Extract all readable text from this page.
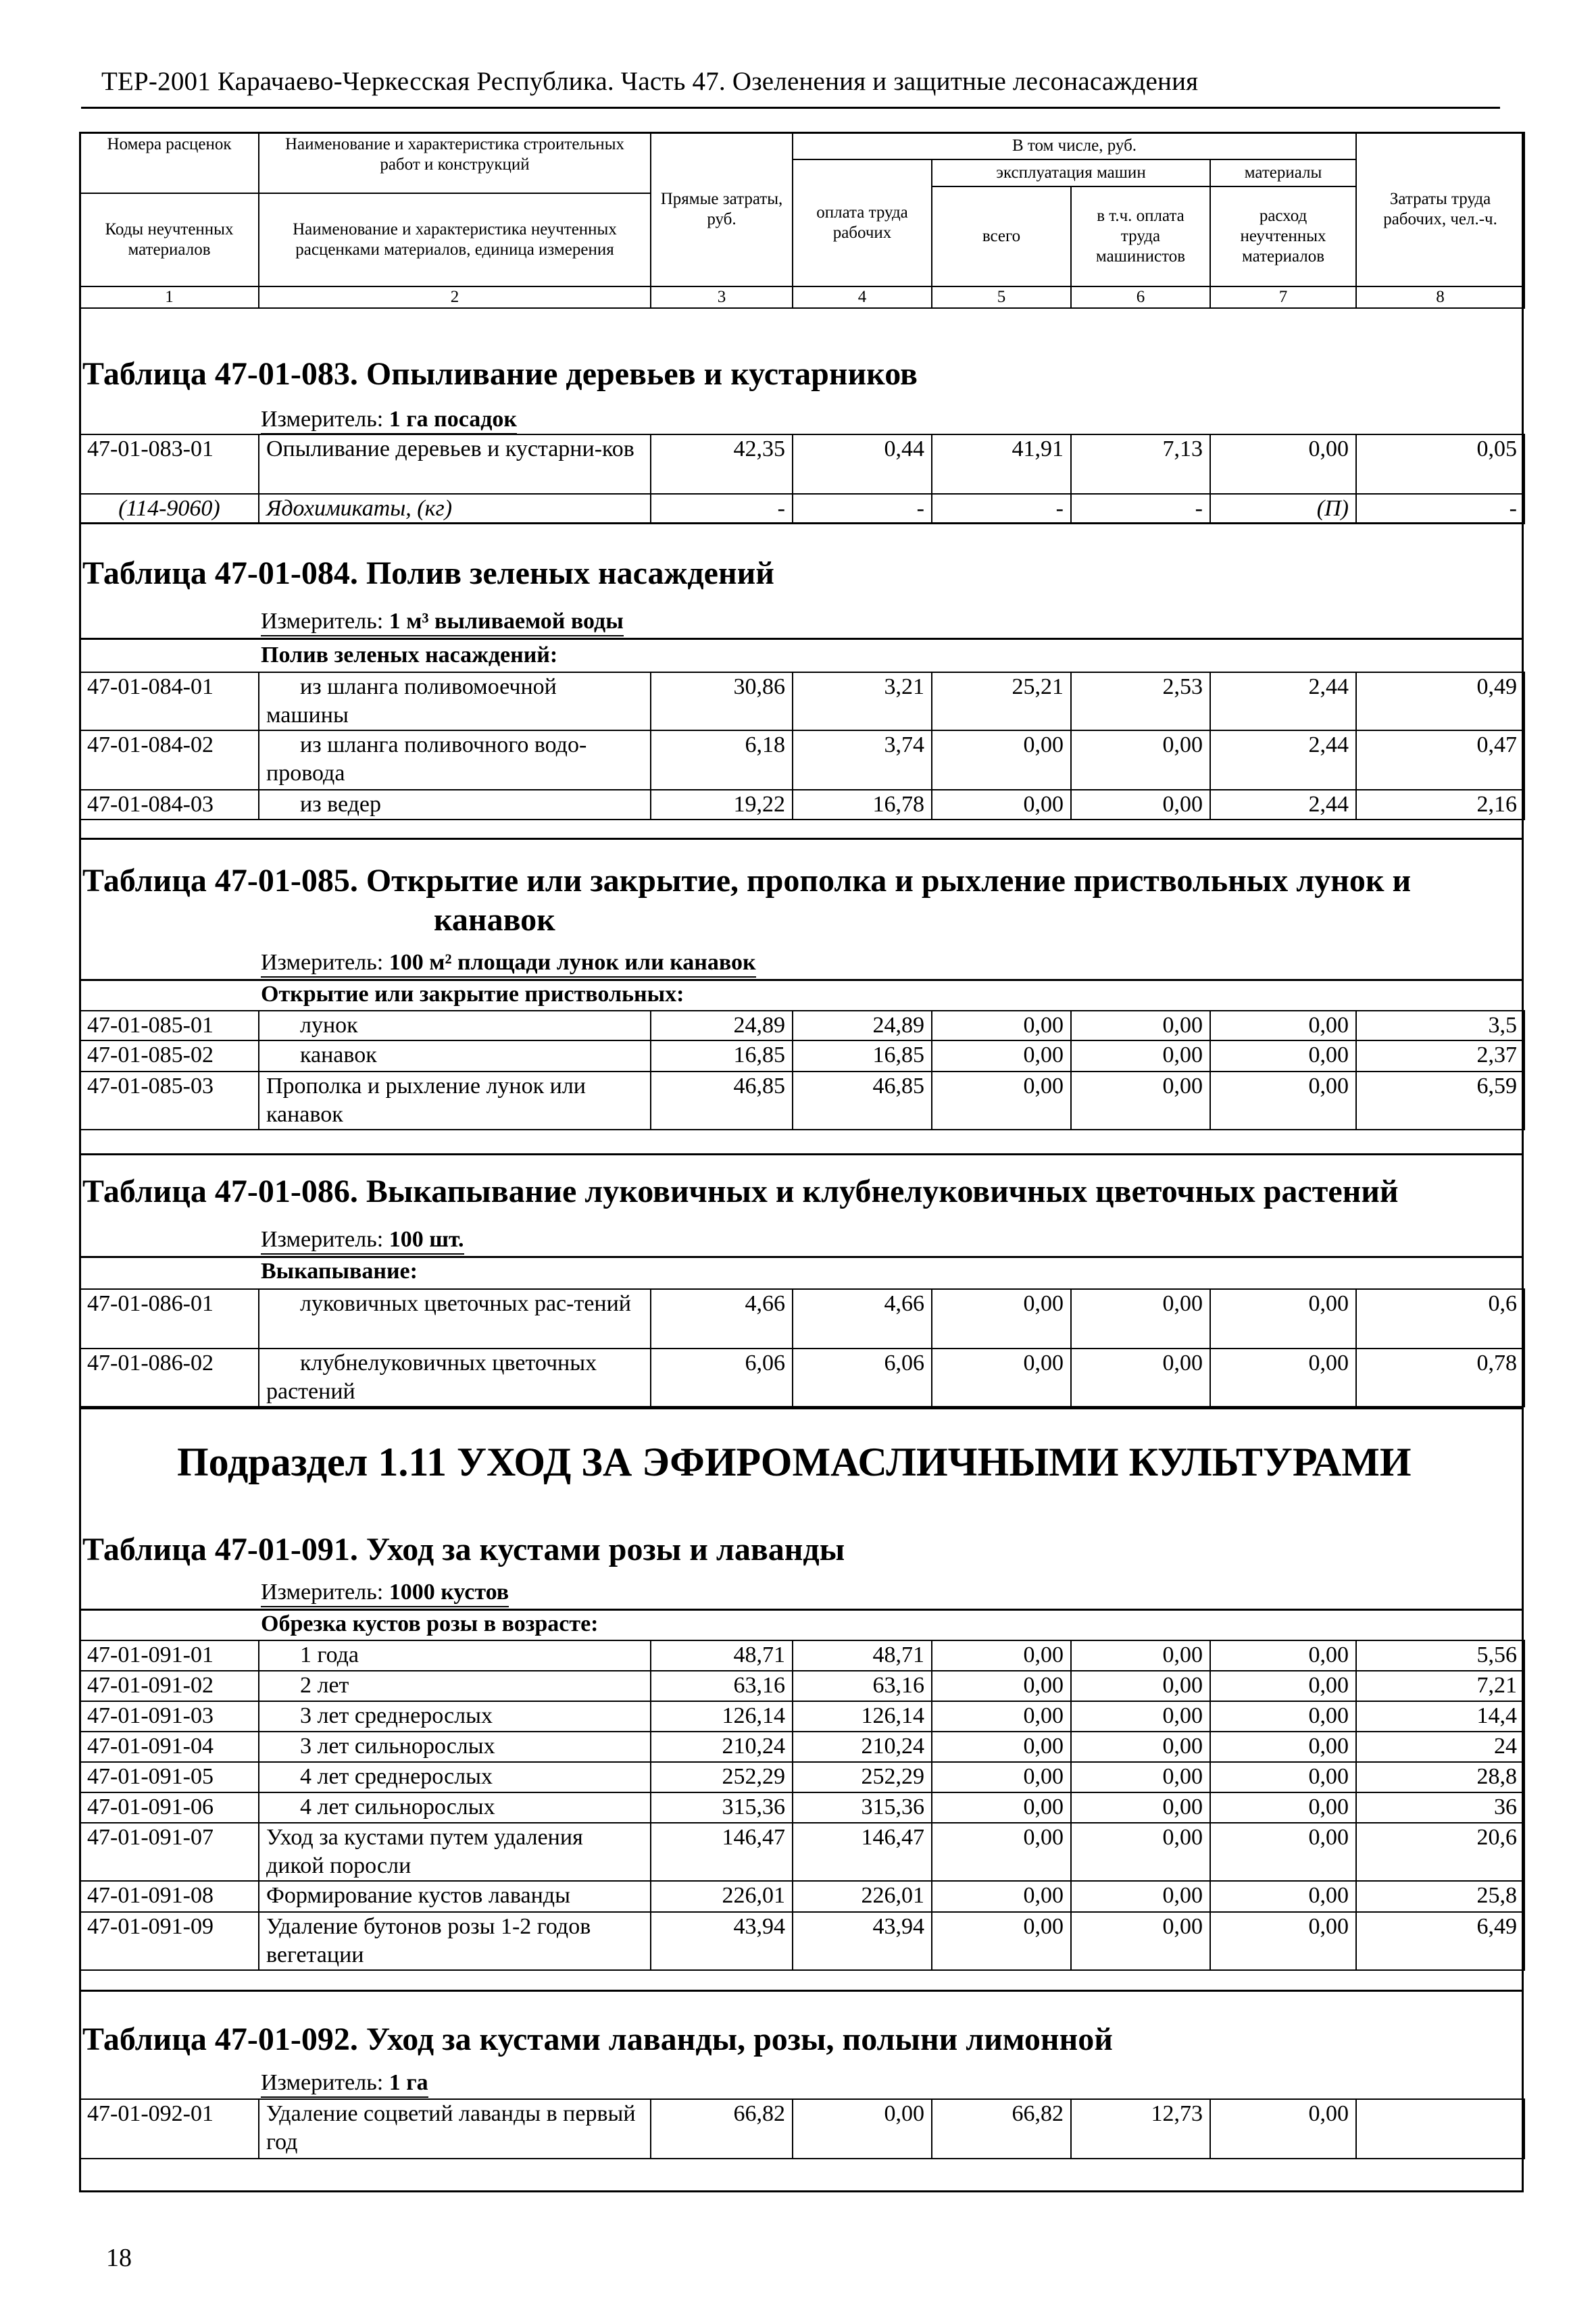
ТЕР-2001 Карачаево-Черкесская Республика. Часть 47. Озеленения и защитные лесонасаждения
Номера расценок	Наименование и характеристика строительных работ и конструкций	Прямые затраты, руб.	В том числе, руб.				Затраты труда рабочих, чел.-ч.
			оплата труда рабочих	эксплуатация машин		материалы	
				всего	в т.ч. оплата труда машинистов	расход неучтенных материалов	
Коды неучтенных материалов	Наименование и характеристика неучтенных расценками материалов, единица измерения						

1	2	3	4	5	6	7	8
Таблица 47-01-083. Опыливание деревьев и кустарников
Измеритель: 1 га посадок
47-01-083-01	Опыливание деревьев и кустарни-ков	42,35	0,44	41,91	7,13	0,00	0,05
(114-9060)	Ядохимикаты, (кг)	-	-	-	-	(П)	-
Таблица 47-01-084. Полив зеленых насаждений
Измеритель: 1 м³ выливаемой воды
Полив зеленых насаждений:
47-01-084-01	из шланга поливомоечной машины	30,86	3,21	25,21	2,53	2,44	0,49
47-01-084-02	из шланга поливочного водо-провода	6,18	3,74	0,00	0,00	2,44	0,47
47-01-084-03	из ведер	19,22	16,78	0,00	0,00	2,44	2,16
Таблица 47-01-085. Открытие или закрытие, прополка и рыхление приствольных лунок и
канавок
Измеритель: 100 м² площади лунок или канавок
Открытие или закрытие приствольных:
47-01-085-01	лунок	24,89	24,89	0,00	0,00	0,00	3,5
47-01-085-02	канавок	16,85	16,85	0,00	0,00	0,00	2,37
47-01-085-03	Прополка и рыхление лунок или канавок	46,85	46,85	0,00	0,00	0,00	6,59
Таблица 47-01-086. Выкапывание луковичных и клубнелуковичных цветочных растений
Измеритель: 100 шт.
Выкапывание:
47-01-086-01	луковичных цветочных рас-тений	4,66	4,66	0,00	0,00	0,00	0,6
47-01-086-02	клубнелуковичных цветочных растений	6,06	6,06	0,00	0,00	0,00	0,78
Подраздел 1.11 УХОД ЗА ЭФИРОМАСЛИЧНЫМИ КУЛЬТУРАМИ
Таблица 47-01-091. Уход за кустами розы и лаванды
Измеритель: 1000 кустов
Обрезка кустов розы в возрасте:
47-01-091-01	1 года	48,71	48,71	0,00	0,00	0,00	5,56
47-01-091-02	2 лет	63,16	63,16	0,00	0,00	0,00	7,21
47-01-091-03	3 лет среднерослых	126,14	126,14	0,00	0,00	0,00	14,4
47-01-091-04	3 лет сильнорослых	210,24	210,24	0,00	0,00	0,00	24
47-01-091-05	4 лет среднерослых	252,29	252,29	0,00	0,00	0,00	28,8
47-01-091-06	4 лет сильнорослых	315,36	315,36	0,00	0,00	0,00	36
47-01-091-07	Уход за кустами путем удаления дикой поросли	146,47	146,47	0,00	0,00	0,00	20,6
47-01-091-08	Формирование кустов лаванды	226,01	226,01	0,00	0,00	0,00	25,8
47-01-091-09	Удаление бутонов розы 1-2 годов вегетации	43,94	43,94	0,00	0,00	0,00	6,49
Таблица 47-01-092. Уход за кустами лаванды, розы, полыни лимонной
Измеритель: 1 га
47-01-092-01	Удаление соцветий лаванды в первый год	66,82	0,00	66,82	12,73	0,00	
18
